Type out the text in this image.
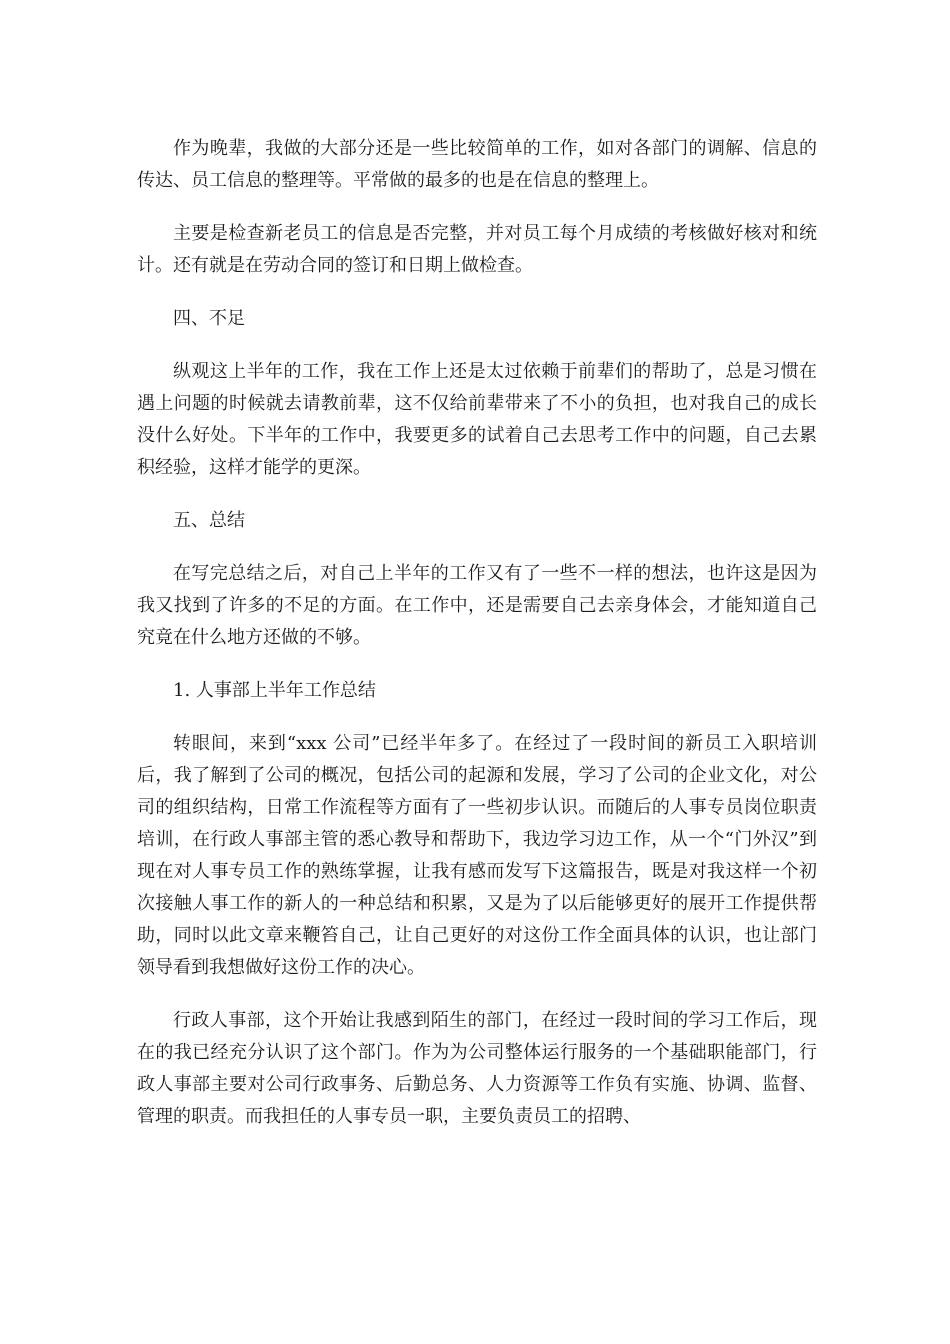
作为晚辈，我做的大部分还是一些比较简单的工作，如对各部门的调解、信息的传达、员工信息的整理等。平常做的最多的也是在信息的整理上。

主要是检查新老员工的信息是否完整，并对员工每个月成绩的考核做好核对和统计。还有就是在劳动合同的签订和日期上做检查。

四、不足

纵观这上半年的工作，我在工作上还是太过依赖于前辈们的帮助了，总是习惯在遇上问题的时候就去请教前辈，这不仅给前辈带来了不小的负担，也对我自己的成长没什么好处。下半年的工作中，我要更多的试着自己去思考工作中的问题，自己去累积经验，这样才能学的更深。

五、总结

在写完总结之后，对自己上半年的工作又有了一些不一样的想法，也许这是因为我又找到了许多的不足的方面。在工作中，还是需要自己去亲身体会，才能知道自己究竟在什么地方还做的不够。

1. 人事部上半年工作总结

转眼间，来到“xxx 公司”已经半年多了。在经过了一段时间的新员工入职培训后，我了解到了公司的概况，包括公司的起源和发展，学习了公司的企业文化，对公司的组织结构，日常工作流程等方面有了一些初步认识。而随后的人事专员岗位职责培训，在行政人事部主管的悉心教导和帮助下，我边学习边工作，从一个“门外汉”到现在对人事专员工作的熟练掌握，让我有感而发写下这篇报告，既是对我这样一个初次接触人事工作的新人的一种总结和积累，又是为了以后能够更好的展开工作提供帮助，同时以此文章来鞭笞自己，让自己更好的对这份工作全面具体的认识，也让部门领导看到我想做好这份工作的决心。

行政人事部，这个开始让我感到陌生的部门，在经过一段时间的学习工作后，现在的我已经充分认识了这个部门。作为为公司整体运行服务的一个基础职能部门，行政人事部主要对公司行政事务、后勤总务、人力资源等工作负有实施、协调、监督、管理的职责。而我担任的人事专员一职，主要负责员工的招聘、
